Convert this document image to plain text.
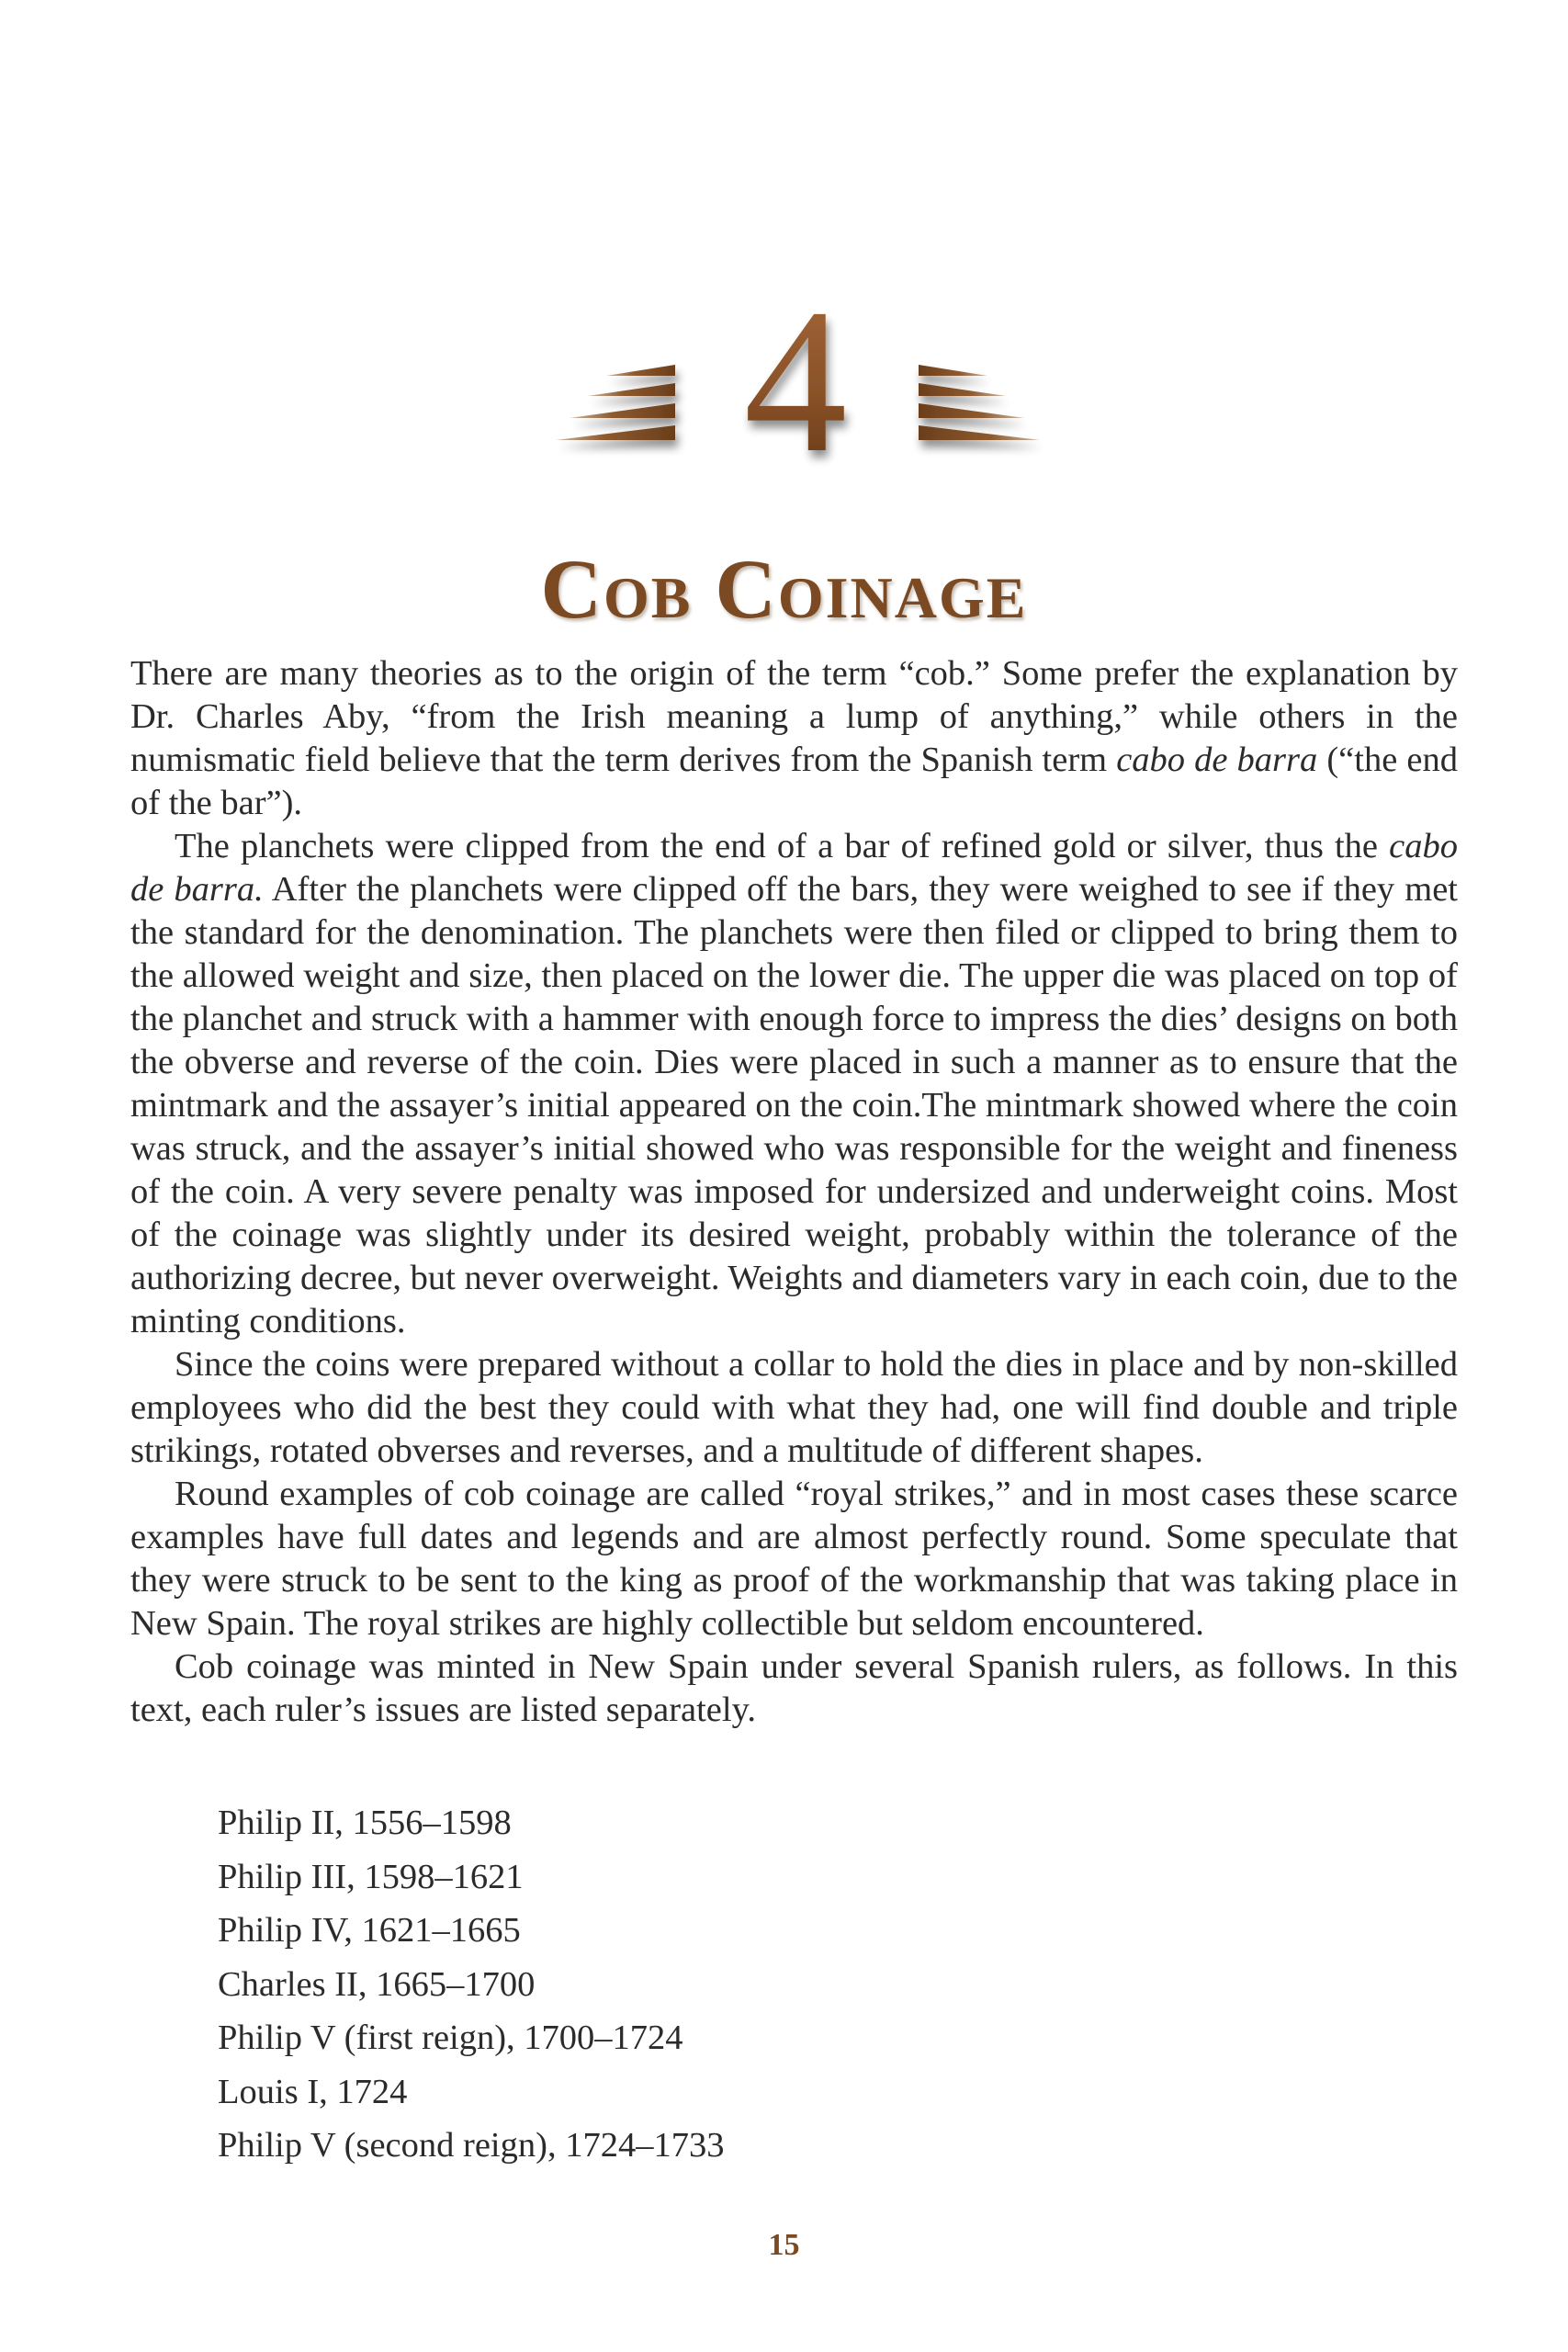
4
Cob Coinage

There are many theories as to the origin of the term “cob.” Some prefer the explanation by Dr. Charles Aby, “from the Irish meaning a lump of anything,” while others in the numismatic field believe that the term derives from the Spanish term cabo de barra (“the end of the bar”).

The planchets were clipped from the end of a bar of refined gold or silver, thus the cabo de barra. After the planchets were clipped off the bars, they were weighed to see if they met the standard for the denomination. The planchets were then filed or clipped to bring them to the allowed weight and size, then placed on the lower die. The upper die was placed on top of the planchet and struck with a hammer with enough force to impress the dies’ designs on both the obverse and reverse of the coin. Dies were placed in such a manner as to ensure that the mintmark and the assayer’s initial appeared on the coin.The mintmark showed where the coin was struck, and the assayer’s initial showed who was responsible for the weight and fineness of the coin. A very severe penalty was imposed for undersized and underweight coins. Most of the coinage was slightly under its desired weight, probably within the tolerance of the authorizing decree, but never overweight. Weights and diameters vary in each coin, due to the minting conditions.

Since the coins were prepared without a collar to hold the dies in place and by non-skilled employees who did the best they could with what they had, one will find double and triple strikings, rotated obverses and reverses, and a multitude of different shapes.

Round examples of cob coinage are called “royal strikes,” and in most cases these scarce examples have full dates and legends and are almost perfectly round. Some speculate that they were struck to be sent to the king as proof of the workmanship that was taking place in New Spain. The royal strikes are highly collectible but seldom encountered.

Cob coinage was minted in New Spain under several Spanish rulers, as follows. In this text, each ruler’s issues are listed separately.

Philip II, 1556–1598
Philip III, 1598–1621
Philip IV, 1621–1665
Charles II, 1665–1700
Philip V (first reign), 1700–1724
Louis I, 1724
Philip V (second reign), 1724–1733
15
